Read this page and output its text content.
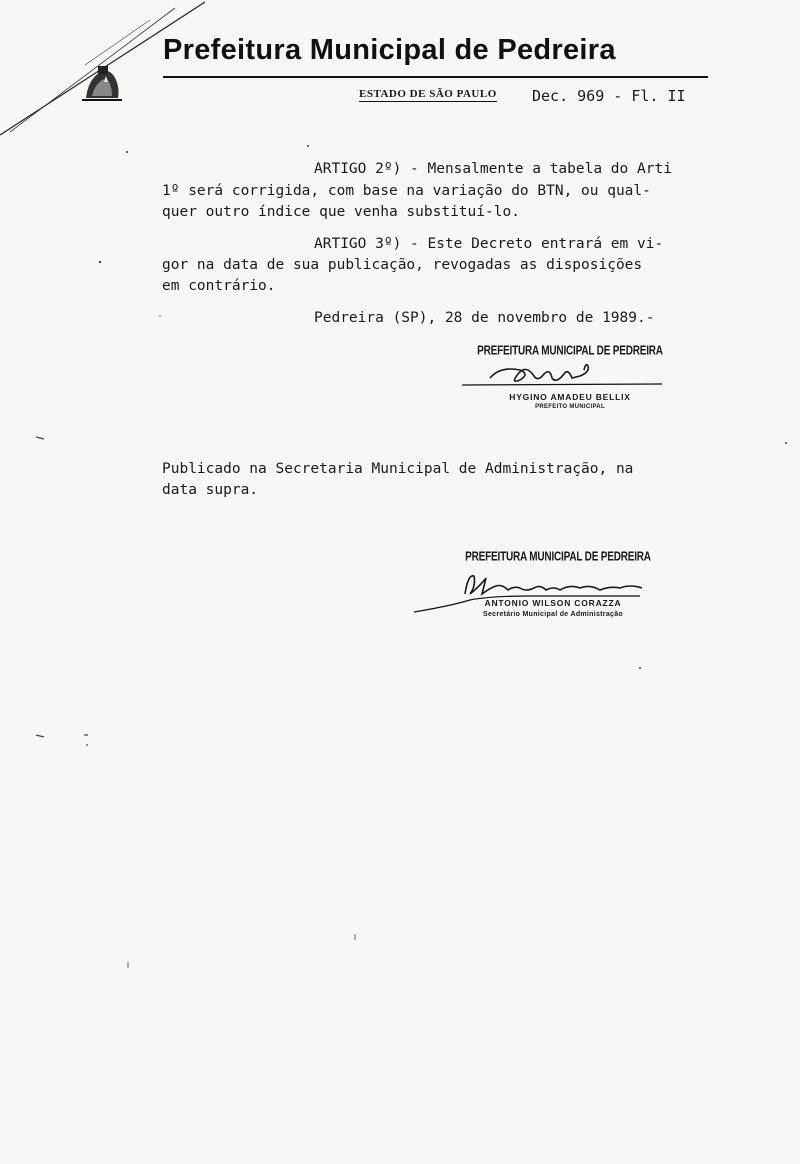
Prefeitura Municipal de Pedreira
ESTADO DE SÃO PAULO Dec. 969 - Fl. II
ARTIGO 2º) - Mensalmente a tabela do Arti
1º será corrigida, com base na variação do BTN, ou qual-
quer outro índice que venha substituí-lo.
ARTIGO 3º) - Este Decreto entrará em vi-
gor na data de sua publicação, revogadas as disposições
em contrário.
Pedreira (SP), 28 de novembro de 1989.-
PREFEITURA MUNICIPAL DE PEDREIRA
HYGINO AMADEU BELLIX
PREFEITO MUNICIPAL
Publicado na Secretaria Municipal de Administração, na
data supra.
PREFEITURA MUNICIPAL DE PEDREIRA
ANTONIO WILSON CORAZZA
Secretário Municipal de Administração
